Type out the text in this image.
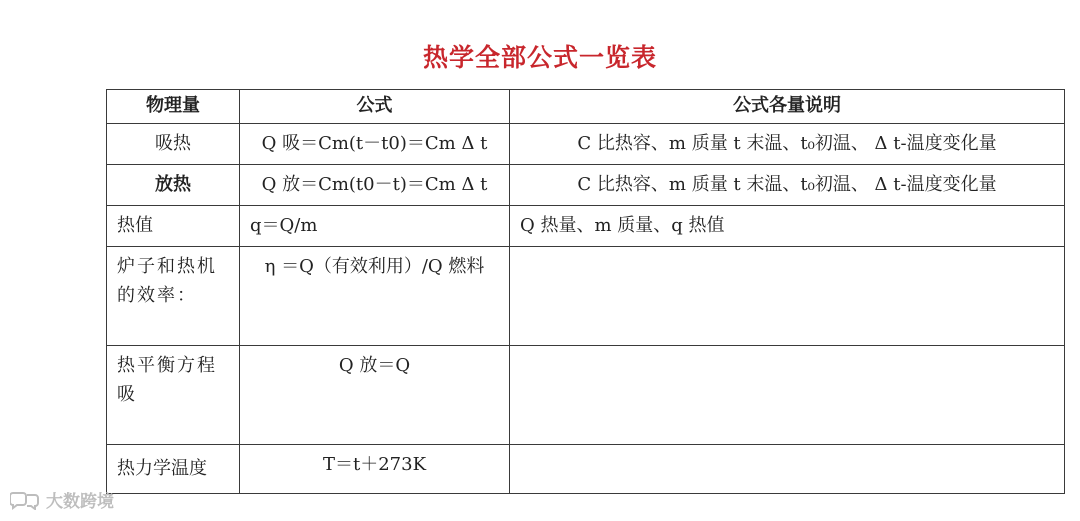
热学全部公式一览表
物理量	公式	公式各量说明
吸热	Q 吸＝Cm(t－t0)＝Cm Δ t	C 比热容、m 质量 t 末温、t₀初温、 Δ t-温度变化量
放热	Q 放＝Cm(t0－t)＝Cm Δ t	C 比热容、m 质量 t 末温、t₀初温、 Δ t-温度变化量
热值	q＝Q/m	Q 热量、m 质量、q 热值

炉子和热机的效率：	η ＝Q（有效利用）/Q 燃料	

热平衡方程吸	Q 放＝Q	
热力学温度	T＝t＋273K	
大数跨境
